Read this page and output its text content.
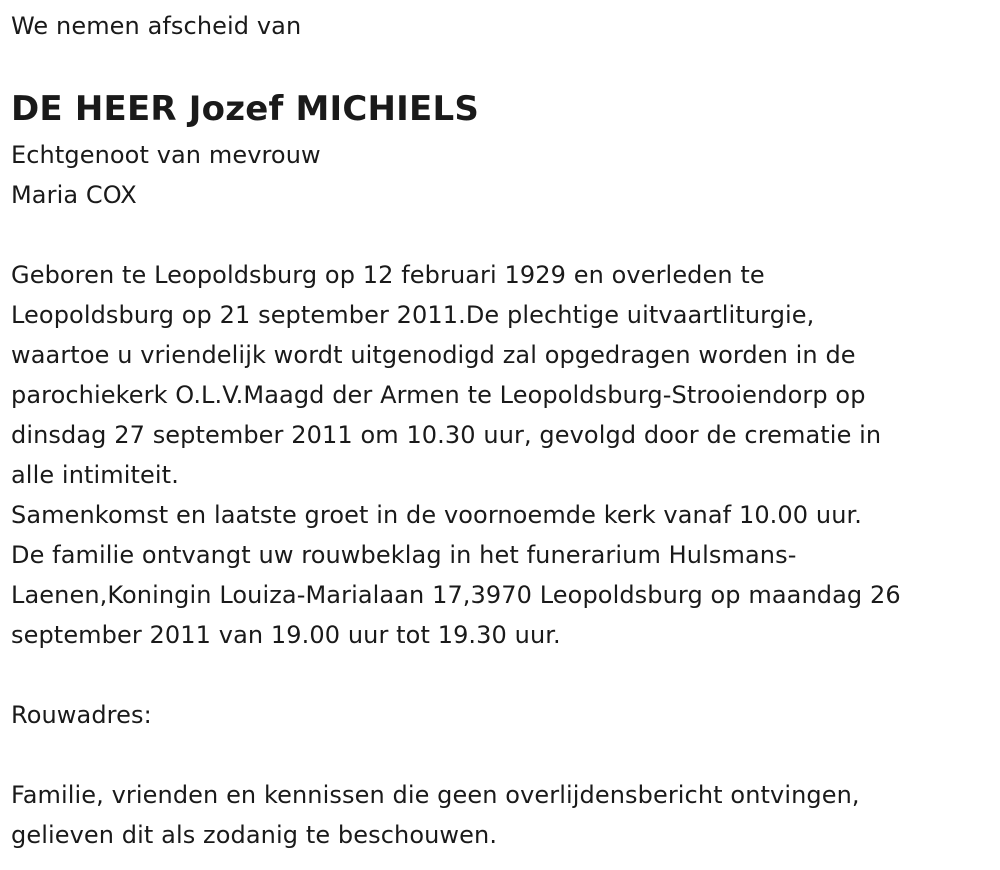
We nemen afscheid van
DE HEER Jozef MICHIELS
Echtgenoot van mevrouw
Maria COX
Geboren te Leopoldsburg op 12 februari 1929 en overleden te
Leopoldsburg op 21 september 2011.De plechtige uitvaartliturgie,
waartoe u vriendelijk wordt uitgenodigd zal opgedragen worden in de
parochiekerk O.L.V.Maagd der Armen te Leopoldsburg-Strooiendorp op
dinsdag 27 september 2011 om 10.30 uur, gevolgd door de crematie in
alle intimiteit.
Samenkomst en laatste groet in de voornoemde kerk vanaf 10.00 uur.
De familie ontvangt uw rouwbeklag in het funerarium Hulsmans-
Laenen,Koningin Louiza-Marialaan 17,3970 Leopoldsburg op maandag 26
september 2011 van 19.00 uur tot 19.30 uur.
Rouwadres:
Familie, vrienden en kennissen die geen overlijdensbericht ontvingen,
gelieven dit als zodanig te beschouwen.
